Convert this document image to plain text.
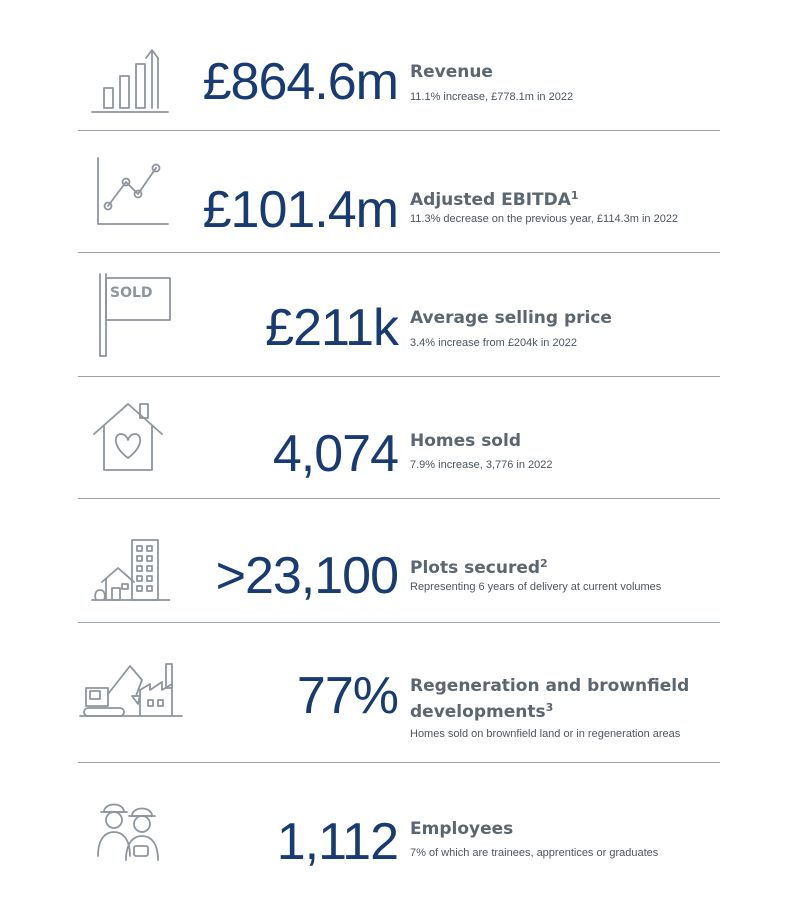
£864.6m Revenue
11.1% increase, £778.1m in 2022
£101.4m Adjusted EBITDA$^1$
11.3% decrease on the previous year, £114.3m in 2022
SOLD
£211k Average selling price
3.4% increase from £204k in 2022
4,074 Homes sold
7.9% increase, 3,776 in 2022
>23,100 Plots secured$^2$
Representing 6 years of delivery at current volumes
77% Regeneration and brownfield developments$^3$
Homes sold on brownfield land or in regeneration areas
1,112 Employees
7% of which are trainees, apprentices or graduates
